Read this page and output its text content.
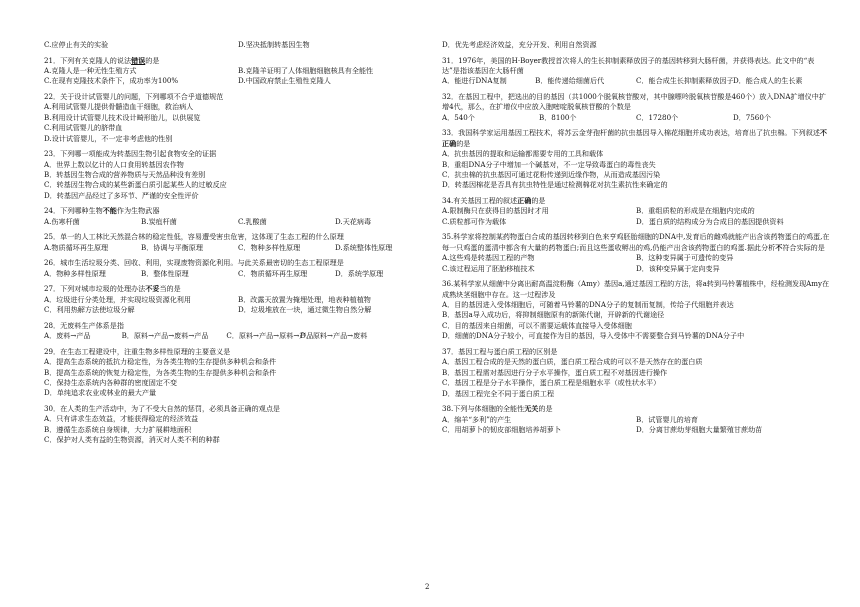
C.应停止有关的实验	D.坚决抵制转基因生物
21．下列有关克隆人的说法错误的是
A.克隆人是一种无性生殖方式	B.克隆羊证明了人体细胞细胞核具有全能性
C.在现有克隆技术条件下，成功率为100%	D.中国政府禁止生殖性克隆人
22．关于设计试管婴儿的问题，下列哪项不合乎道德规范
A.利用试管婴儿提供骨髓造血干细胞，救治病人
B.利用设计试管婴儿技术设计畸形胎儿，以供展览
C.利用试管婴儿的脐带血
D.设计试管婴儿，不一定非考虑他的性别
23．下列哪一项能成为转基因生物引起食物安全的证据
A．世界上数以亿计的人口食用转基因农作物
B．转基因生物合成的营养物质与天然品种没有差别
C．转基因生物合成的某些新蛋白质引起某些人的过敏反应
D．转基因产品经过了多环节、严谨的安全性评价
24．下列哪种生物不能作为生物武器
A.伤寒杆菌	B.炭疽杆菌	C.乳酸菌	D.天花病毒
25．单一的人工林比天然混合林的稳定性低，容易遭受害虫危害，这体现了生态工程的什么原理
A.物质循环再生原理	B．协调与平衡原理	C．物种多样性原理	D.系统整体性原理
26．城市生活垃圾分类、回收、利用，实现废物资源化利用。与此关系最密切的生态工程原理是
A．物种多样性原理	B．整体性原理	C．物质循环再生原理	D．系统学原理
27．下列对城市垃圾的处理办法不妥当的是
A．垃圾进行分类处理，并实现垃圾资源化利用	B．改露天放置为掩埋处理，地表种植植物
C．利用热解方法使垃圾分解	D．垃圾堆放在一块，通过微生物自然分解
28．无废料生产体系是指
A．废料→产品	B．原料→产品→废料→产品	C．原料→产品→原料→产品
D．原料→产品→废料
29．在生态工程建设中，注重生物多样性原理的主要意义是
A．提高生态系统的抵抗力稳定性，为各类生物的生存提供多种机会和条件
B．提高生态系统的恢复力稳定性，为各类生物的生存提供多种机会和条件
C．保持生态系统内各种群的密度固定不变
D．单纯追求农业或林业的最大产量
30．在人类的生产活动中，为了不受大自然的惩罚，必须具备正确的观点是
A．只有讲求生态效益，才能获得稳定的经济效益
B．遵循生态系统自身规律，大力扩展耕地面积
C．保护对人类有益的生物资源，消灭对人类不利的种群
D．优先考虑经济效益，充分开发、利用自然资源
31．1976年，美国的H·Boyer教授首次将人的生长抑制素释放因子的基因转移到大肠杆菌，并获得表达。此文中的“表达”是指该基因在大肠杆菌
A．能进行DNA复制	B．能传递给细菌后代	C．能合成生长抑制素释放因子 D．能合成人的生长素
32．在基因工程中，把选出的目的基因（共1000个脱氧核苷酸对，其中腺嘌呤脱氧核苷酸是460个）放入DNA扩增仪中扩增4代，那么，在扩增仪中应放入胞嘧啶脱氧核苷酸的个数是
A．540个	B．8100个	C．17280个	D．7560个
33．我国科学家运用基因工程技术，将苏云金芽孢杆菌的抗虫基因导入棉花细胞并成功表达，培育出了抗虫棉。下列叙述不正确的是
A．抗虫基因的提取和运输都需要专用的工具和载体
B．重组DNA分子中增加一个碱基对，不一定导致毒蛋白的毒性丧失
C．抗虫棉的抗虫基因可通过花粉传递到近缘作物，从而造成基因污染
D．转基因棉花是否具有抗虫特性是通过检测棉花对抗生素抗性来确定的
34.有关基因工程的叙述正确的是
A.限制酶只在获得目的基因时才用	B．重组质粒的形成是在细胞内完成的
C.质粒都可作为载体	D．蛋白质的结构成分为合成目的基因提供资料
35.科学家将控制某药物蛋白合成的基因转移到白色来亨鸡胚胎细胞的DNA中,发育后的雌鸡就能产出含该药物蛋白的鸡蛋,在每一只鸡蛋的蛋清中都含有大量的药物蛋白;而且这些蛋收孵出的鸡,仍能产出含该药物蛋白的鸡蛋.据此分析不符合实际的是
A.这些鸡是转基因工程的产物	B．这种变异属于可遗传的变异
C.该过程运用了胚胎移植技术	D．该种变异属于定向变异
36.某科学家从细菌中分离出耐高温淀粉酶（Amy）基因a,通过基因工程的方法，将a转到马铃薯植株中，经检测发现Amy在成熟块茎细胞中存在。这一过程涉及
A．目的基因进入受体细胞后，可随着马铃薯的DNA分子的复制而复制，传给子代细胞并表达
B．基因a导入成功后，将抑制细胞原有的新陈代谢，开辟新的代谢途径
C．目的基因来自细菌，可以不需要运载体直接导入受体细胞
D．细菌的DNA分子较小，可直接作为目的基因，导入受体中不需要整合到马铃薯的DNA分子中
37．基因工程与蛋白质工程的区别是
A．基因工程合成的是天然的蛋白质，蛋白质工程合成的可以不是天然存在的蛋白质
B．基因工程需对基因进行分子水平操作，蛋白质工程不对基因进行操作
C．基因工程是分子水平操作，蛋白质工程是细胞水平（或性状水平）
D．基因工程完全不同于蛋白质工程
38.下列与体细胞的全能性无关的是
A．绵羊“多利”的产生	B．试管婴儿的培育
C．用胡萝卜的韧皮部细胞培养胡萝卜	D．分离甘蔗幼芽细胞大量繁殖甘蔗幼苗
2
